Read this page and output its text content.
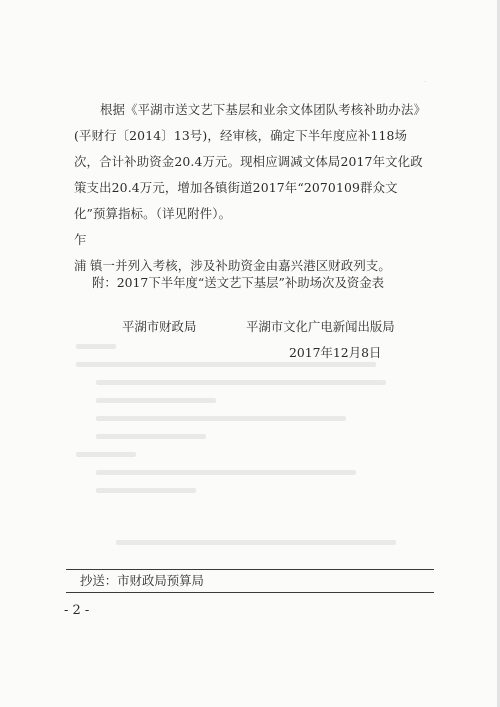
·

根据《平湖市送文艺下基层和业余文体团队考核补助办法》(平财行〔2014〕13号)，经审核，确定下半年度应补118场次，合计补助资金20.4万元。现相应调减文体局2017年文化政策支出20.4万元，增加各镇街道2017年“2070109群众文化”预算指标。（详见附件）。

乍浦 镇一并列入考核，涉及补助资金由嘉兴港区财政列支。

附：2017下半年度“送文艺下基层”补助场次及资金表

平湖市财政局	平湖市文化广电新闻出版局
2017年12月8日
抄送：市财政局预算局
- 2 -
